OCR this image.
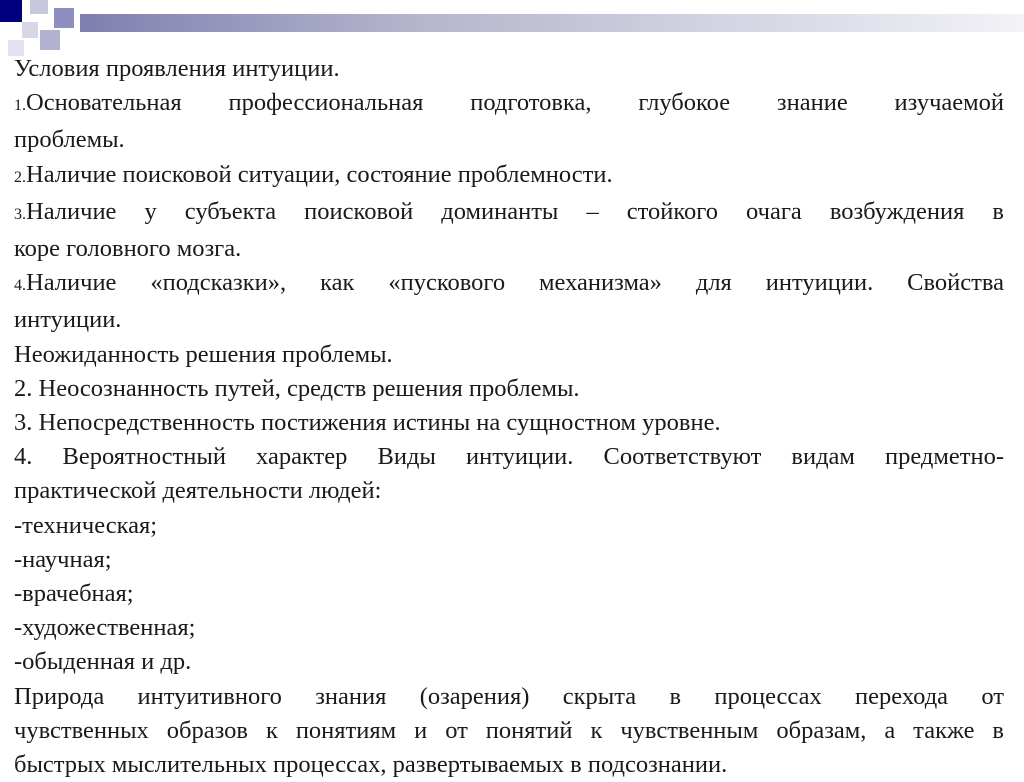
Условия проявления интуиции.
1.Основательная профессиональная подготовка, глубокое знание изучаемой
проблемы.
2.Наличие поисковой ситуации, состояние проблемности.
3.Наличие у субъекта поисковой доминанты – стойкого очага возбуждения в
коре головного мозга.
4.Наличие «подсказки», как «пускового механизма» для интуиции. Свойства
интуиции.
Неожиданность решения проблемы.
2. Неосознанность путей, средств решения проблемы.
3. Непосредственность постижения истины на сущностном уровне.
4. Вероятностный характер Виды интуиции. Соответствуют видам предметно-
практической деятельности людей:
-техническая;
-научная;
-врачебная;
-художественная;
-обыденная и др.
Природа интуитивного знания (озарения) скрыта в процессах перехода от
чувственных образов к понятиям и от понятий к чувственным образам, а также в
быстрых мыслительных процессах, развертываемых в подсознании.
